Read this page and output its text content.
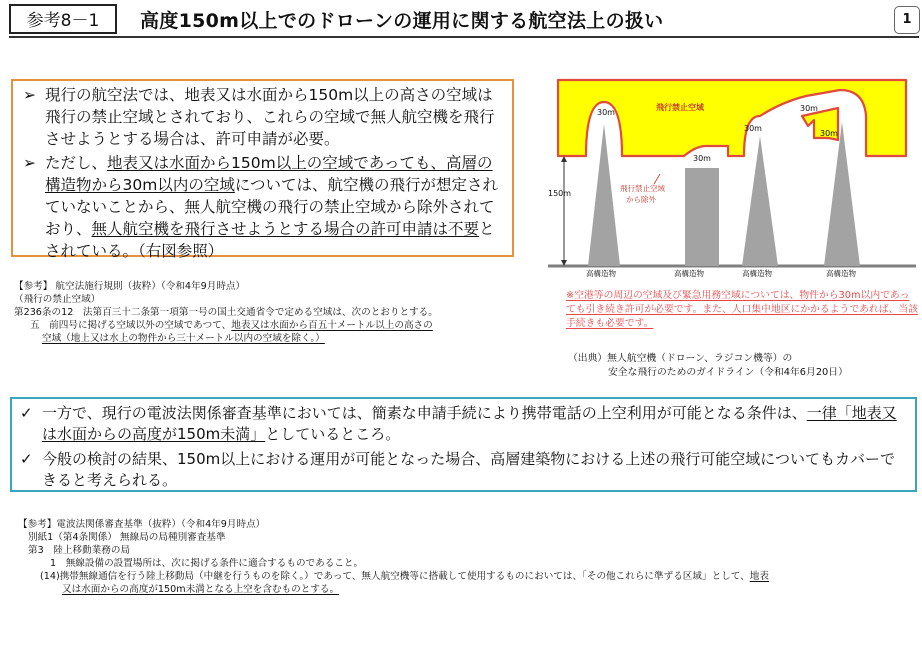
参考8－1	高度150m以上でのドローンの運用に関する航空法上の扱い	1

➢ 現行の航空法では、地表又は水面から150m以上の高さの空域は飛行の禁止空域とされており、これらの空域で無人航空機を飛行させようとする場合は、許可申請が必要。

➢ ただし、地表又は水面から150m以上の空域であっても、高層の構造物から30m以内の空域については、航空機の飛行が想定されていないことから、無人航空機の飛行の禁止空域から除外されており、無人航空機を飛行させようとする場合の許可申請は不要とされている。（右図参照）

【参考】 航空法施行規則（抜粋）（令和4年9月時点）
（飛行の禁止空域）
第236条の12　法第百三十二条第一項第一号の国土交通省令で定める空域は、次のとおりとする。
五　前四号に掲げる空域以外の空域であつて、地表又は水面から百五十メートル以上の高さの
空域（地上又は水上の物件から三十メートル以内の空域を除く。）
飛行禁止空域
150m
30m
30m
30m
30m
30m
飛行禁止空域
から除外
高構造物	高構造物	高構造物	高構造物
※空港等の周辺の空域及び緊急用務空域については、物件から30m以内であっても引き続き許可が必要です。また、人口集中地区にかかるようであれば、当該手続きも必要です。
（出典）無人航空機（ドローン、ラジコン機等）の
安全な飛行のためのガイドライン（令和4年6月20日）

✓ 一方で、現行の電波法関係審査基準においては、簡素な申請手続により携帯電話の上空利用が可能となる条件は、一律「地表又は水面からの高度が150m未満」としているところ。

✓ 今般の検討の結果、150m以上における運用が可能となった場合、高層建築物における上述の飛行可能空域についてもカバーできると考えられる。

【参考】電波法関係審査基準（抜粋）（令和4年9月時点）
別紙1（第4条関係） 無線局の局種別審査基準
第3　陸上移動業務の局
1　無線設備の設置場所は、次に掲げる条件に適合するものであること。
(14)携帯無線通信を行う陸上移動局（中継を行うものを除く。）であって、無人航空機等に搭載して使用するものにおいては、「その他これらに準ずる区域」として、地表
又は水面からの高度が150m未満となる上空を含むものとする。
